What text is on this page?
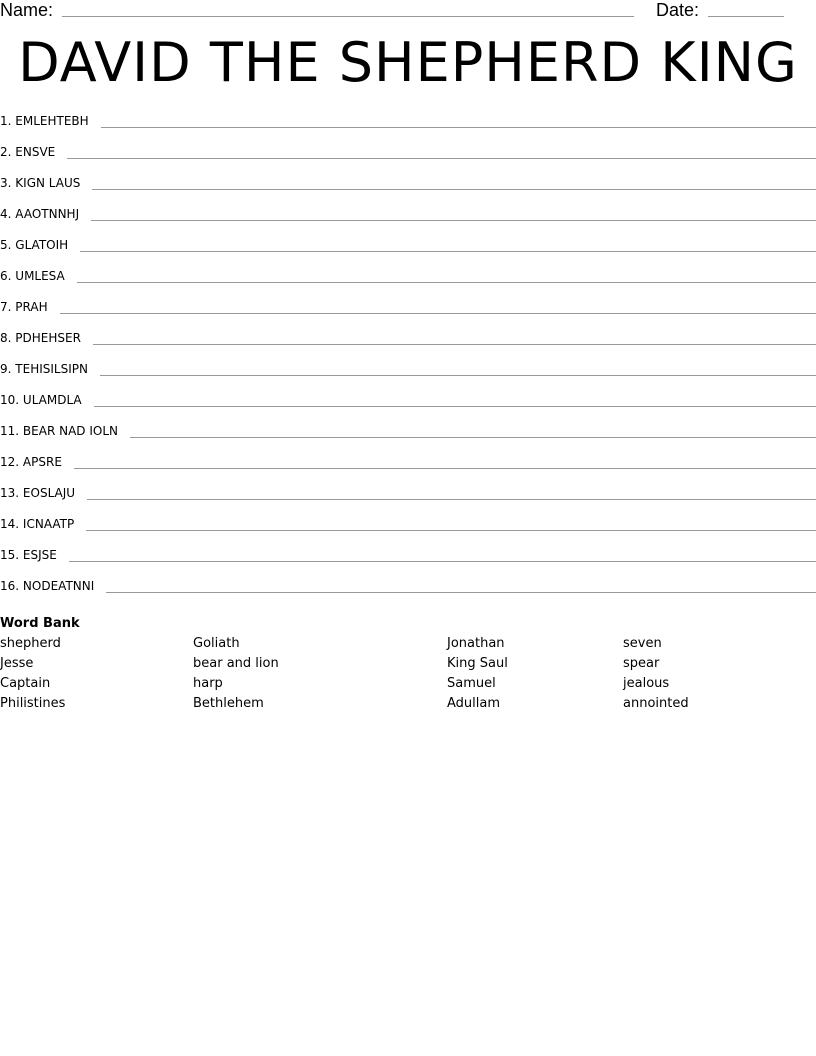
Name:	Date:
DAVID THE SHEPHERD KING
1. EMLEHTEBH
2. ENSVE
3. KIGN LAUS
4. AAOTNNHJ
5. GLATOIH
6. UMLESA
7. PRAH
8. PDHEHSER
9. TEHISILSIPN
10. ULAMDLA
11. BEAR NAD IOLN
12. APSRE
13. EOSLAJU
14. ICNAATP
15. ESJSE
16. NODEATNNI
Word Bank
shepherd
Jesse
Captain
Philistines
Goliath
bear and lion
harp
Bethlehem
Jonathan
King Saul
Samuel
Adullam
seven
spear
jealous
annointed
